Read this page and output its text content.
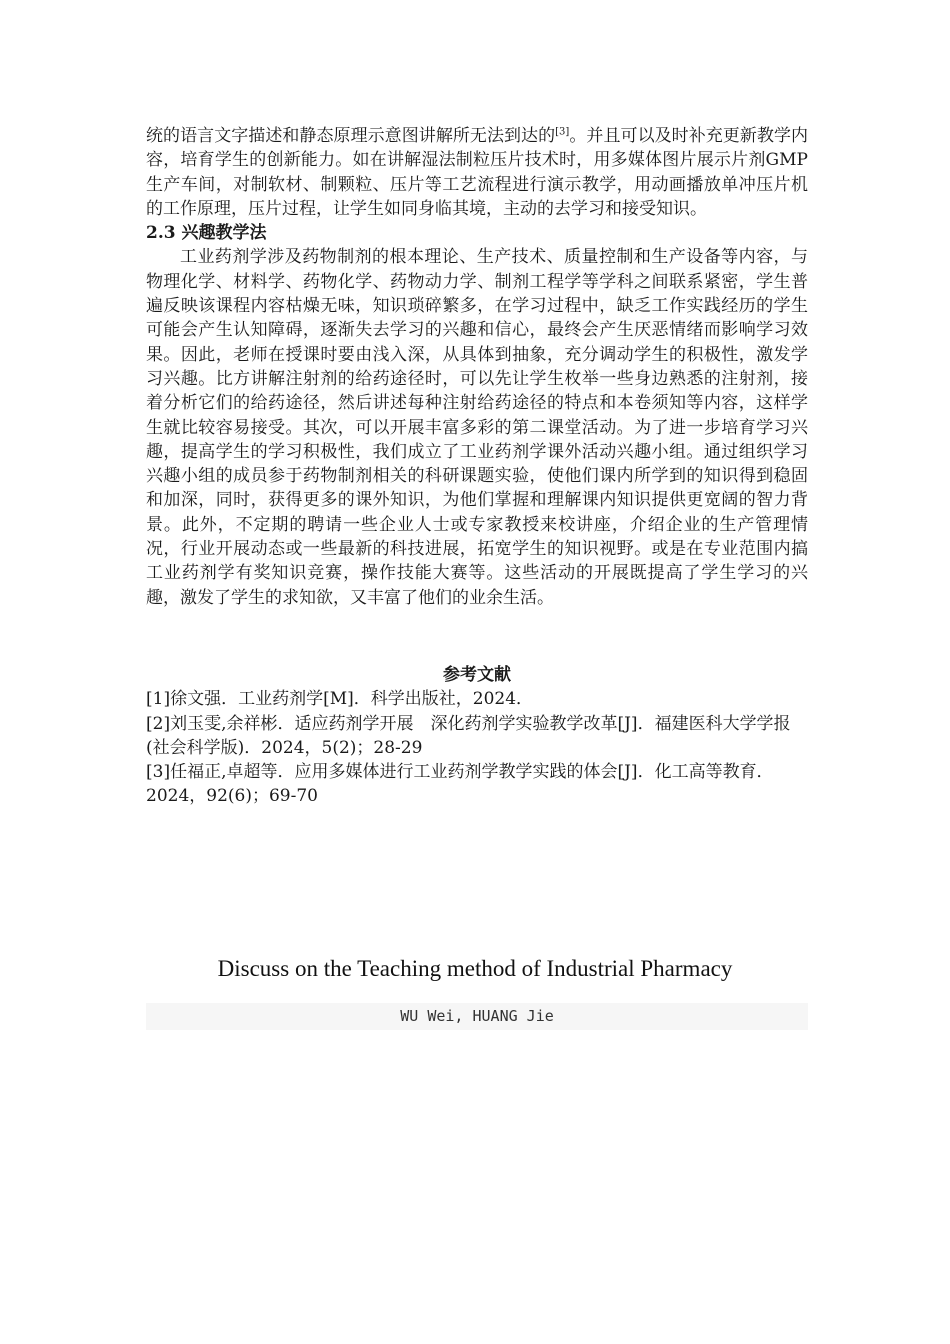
统的语言文字描述和静态原理示意图讲解所无法到达的[3]。并且可以及时补充更新教学内容，培育学生的创新能力。如在讲解湿法制粒压片技术时，用多媒体图片展示片剂GMP生产车间，对制软材、制颗粒、压片等工艺流程进行演示教学，用动画播放单冲压片机的工作原理，压片过程，让学生如同身临其境，主动的去学习和接受知识。

2.3 兴趣教学法

工业药剂学涉及药物制剂的根本理论、生产技术、质量控制和生产设备等内容，与物理化学、材料学、药物化学、药物动力学、制剂工程学等学科之间联系紧密，学生普遍反映该课程内容枯燥无味，知识琐碎繁多，在学习过程中，缺乏工作实践经历的学生可能会产生认知障碍，逐渐失去学习的兴趣和信心，最终会产生厌恶情绪而影响学习效果。因此，老师在授课时要由浅入深，从具体到抽象，充分调动学生的积极性，激发学习兴趣。比方讲解注射剂的给药途径时，可以先让学生枚举一些身边熟悉的注射剂，接着分析它们的给药途径，然后讲述每种注射给药途径的特点和本卷须知等内容，这样学生就比较容易接受。其次，可以开展丰富多彩的第二课堂活动。为了进一步培育学习兴趣，提高学生的学习积极性，我们成立了工业药剂学课外活动兴趣小组。通过组织学习兴趣小组的成员参于药物制剂相关的科研课题实验，使他们课内所学到的知识得到稳固和加深，同时，获得更多的课外知识，为他们掌握和理解课内知识提供更宽阔的智力背景。此外，不定期的聘请一些企业人士或专家教授来校讲座，介绍企业的生产管理情况，行业开展动态或一些最新的科技进展，拓宽学生的知识视野。或是在专业范围内搞工业药剂学有奖知识竞赛，操作技能大赛等。这些活动的开展既提高了学生学习的兴趣，激发了学生的求知欲，又丰富了他们的业余生活。

参考文献

[1]徐文强．工业药剂学[M]．科学出版社，2024．

[2]刘玉雯,余祥彬．适应药剂学开展　深化药剂学实验教学改革[J]．福建医科大学学报(社会科学版)．2024，5(2)；28-29

[3]任福正,卓超等．应用多媒体进行工业药剂学教学实践的体会[J]．化工高等教育．2024，92(6)；69-70

Discuss on the Teaching method of Industrial Pharmacy
WU Wei, HUANG Jie
